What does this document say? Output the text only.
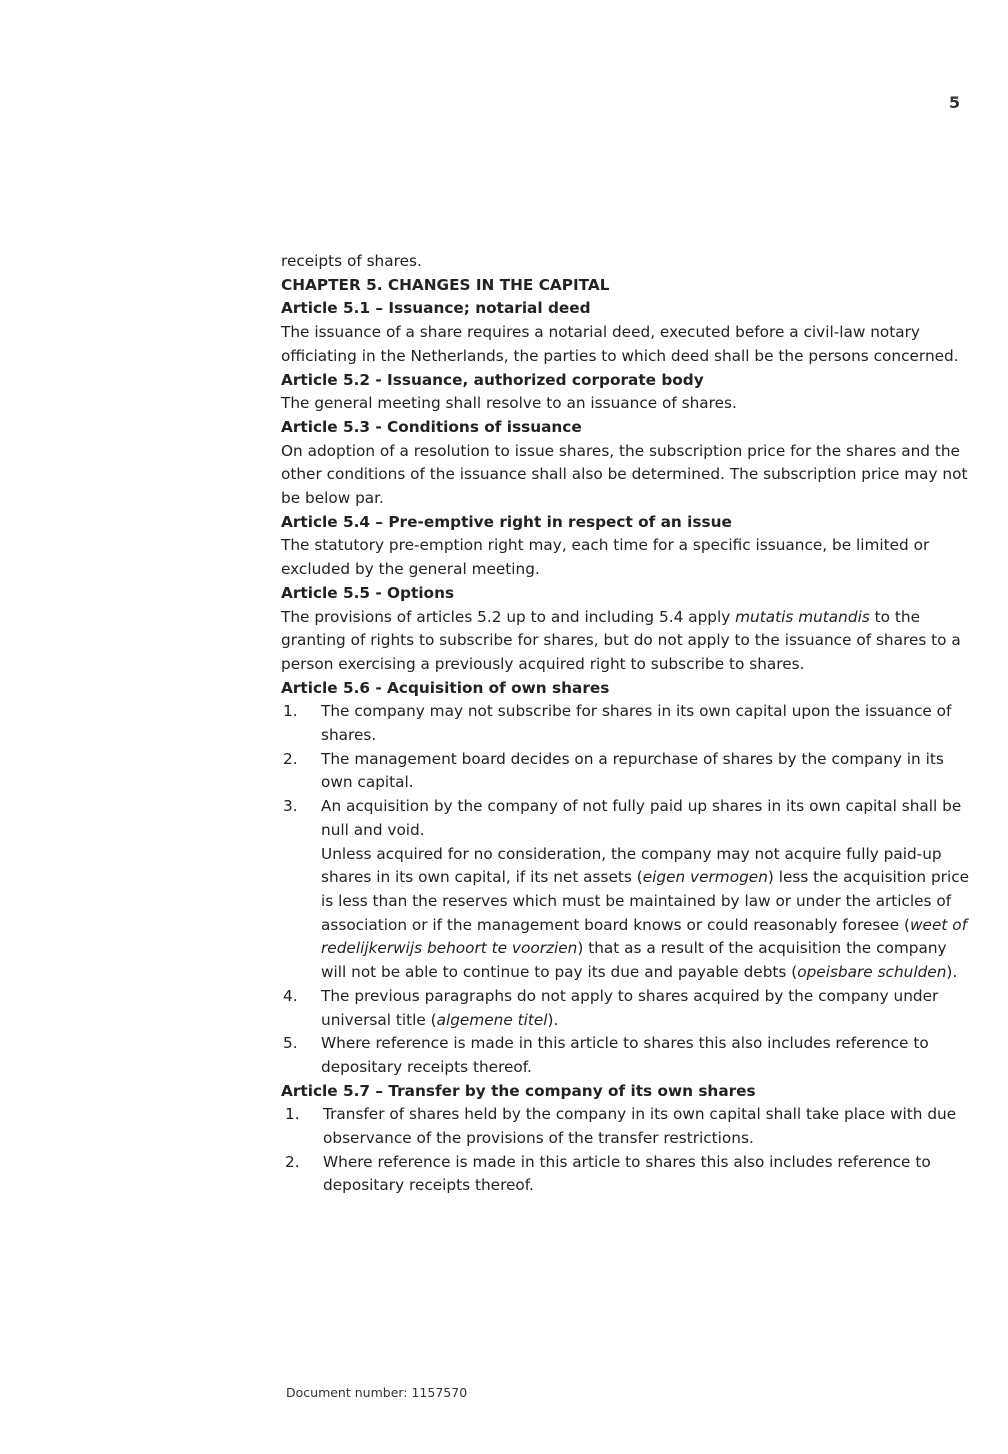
5

receipts of shares.

CHAPTER 5. CHANGES IN THE CAPITAL

Article 5.1 – Issuance; notarial deed

The issuance of a share requires a notarial deed, executed before a civil-law notary officiating in the Netherlands, the parties to which deed shall be the persons concerned.

Article 5.2 - Issuance, authorized corporate body

The general meeting shall resolve to an issuance of shares.

Article 5.3 - Conditions of issuance

On adoption of a resolution to issue shares, the subscription price for the shares and the other conditions of the issuance shall also be determined. The subscription price may not be below par.

Article 5.4 – Pre-emptive right in respect of an issue

The statutory pre-emption right may, each time for a specific issuance, be limited or excluded by the general meeting.

Article 5.5 - Options

The provisions of articles 5.2 up to and including 5.4 apply mutatis mutandis to the granting of rights to subscribe for shares, but do not apply to the issuance of shares to a person exercising a previously acquired right to subscribe to shares.

Article 5.6 - Acquisition of own shares

1.	The company may not subscribe for shares in its own capital upon the issuance of shares.
2.	The management board decides on a repurchase of shares by the company in its own capital.
3.	An acquisition by the company of not fully paid up shares in its own capital shall be null and void.
Unless acquired for no consideration, the company may not acquire fully paid-up shares in its own capital, if its net assets (eigen vermogen) less the acquisition price is less than the reserves which must be maintained by law or under the articles of association or if the management board knows or could reasonably foresee (weet of redelijkerwijs behoort te voorzien) that as a result of the acquisition the company will not be able to continue to pay its due and payable debts (opeisbare schulden).
4.	The previous paragraphs do not apply to shares acquired by the company under universal title (algemene titel).
5.	Where reference is made in this article to shares this also includes reference to depositary receipts thereof.

Article 5.7 – Transfer by the company of its own shares

1.	Transfer of shares held by the company in its own capital shall take place with due observance of the provisions of the transfer restrictions.
2.	Where reference is made in this article to shares this also includes reference to depositary receipts thereof.
Document number: 1157570
